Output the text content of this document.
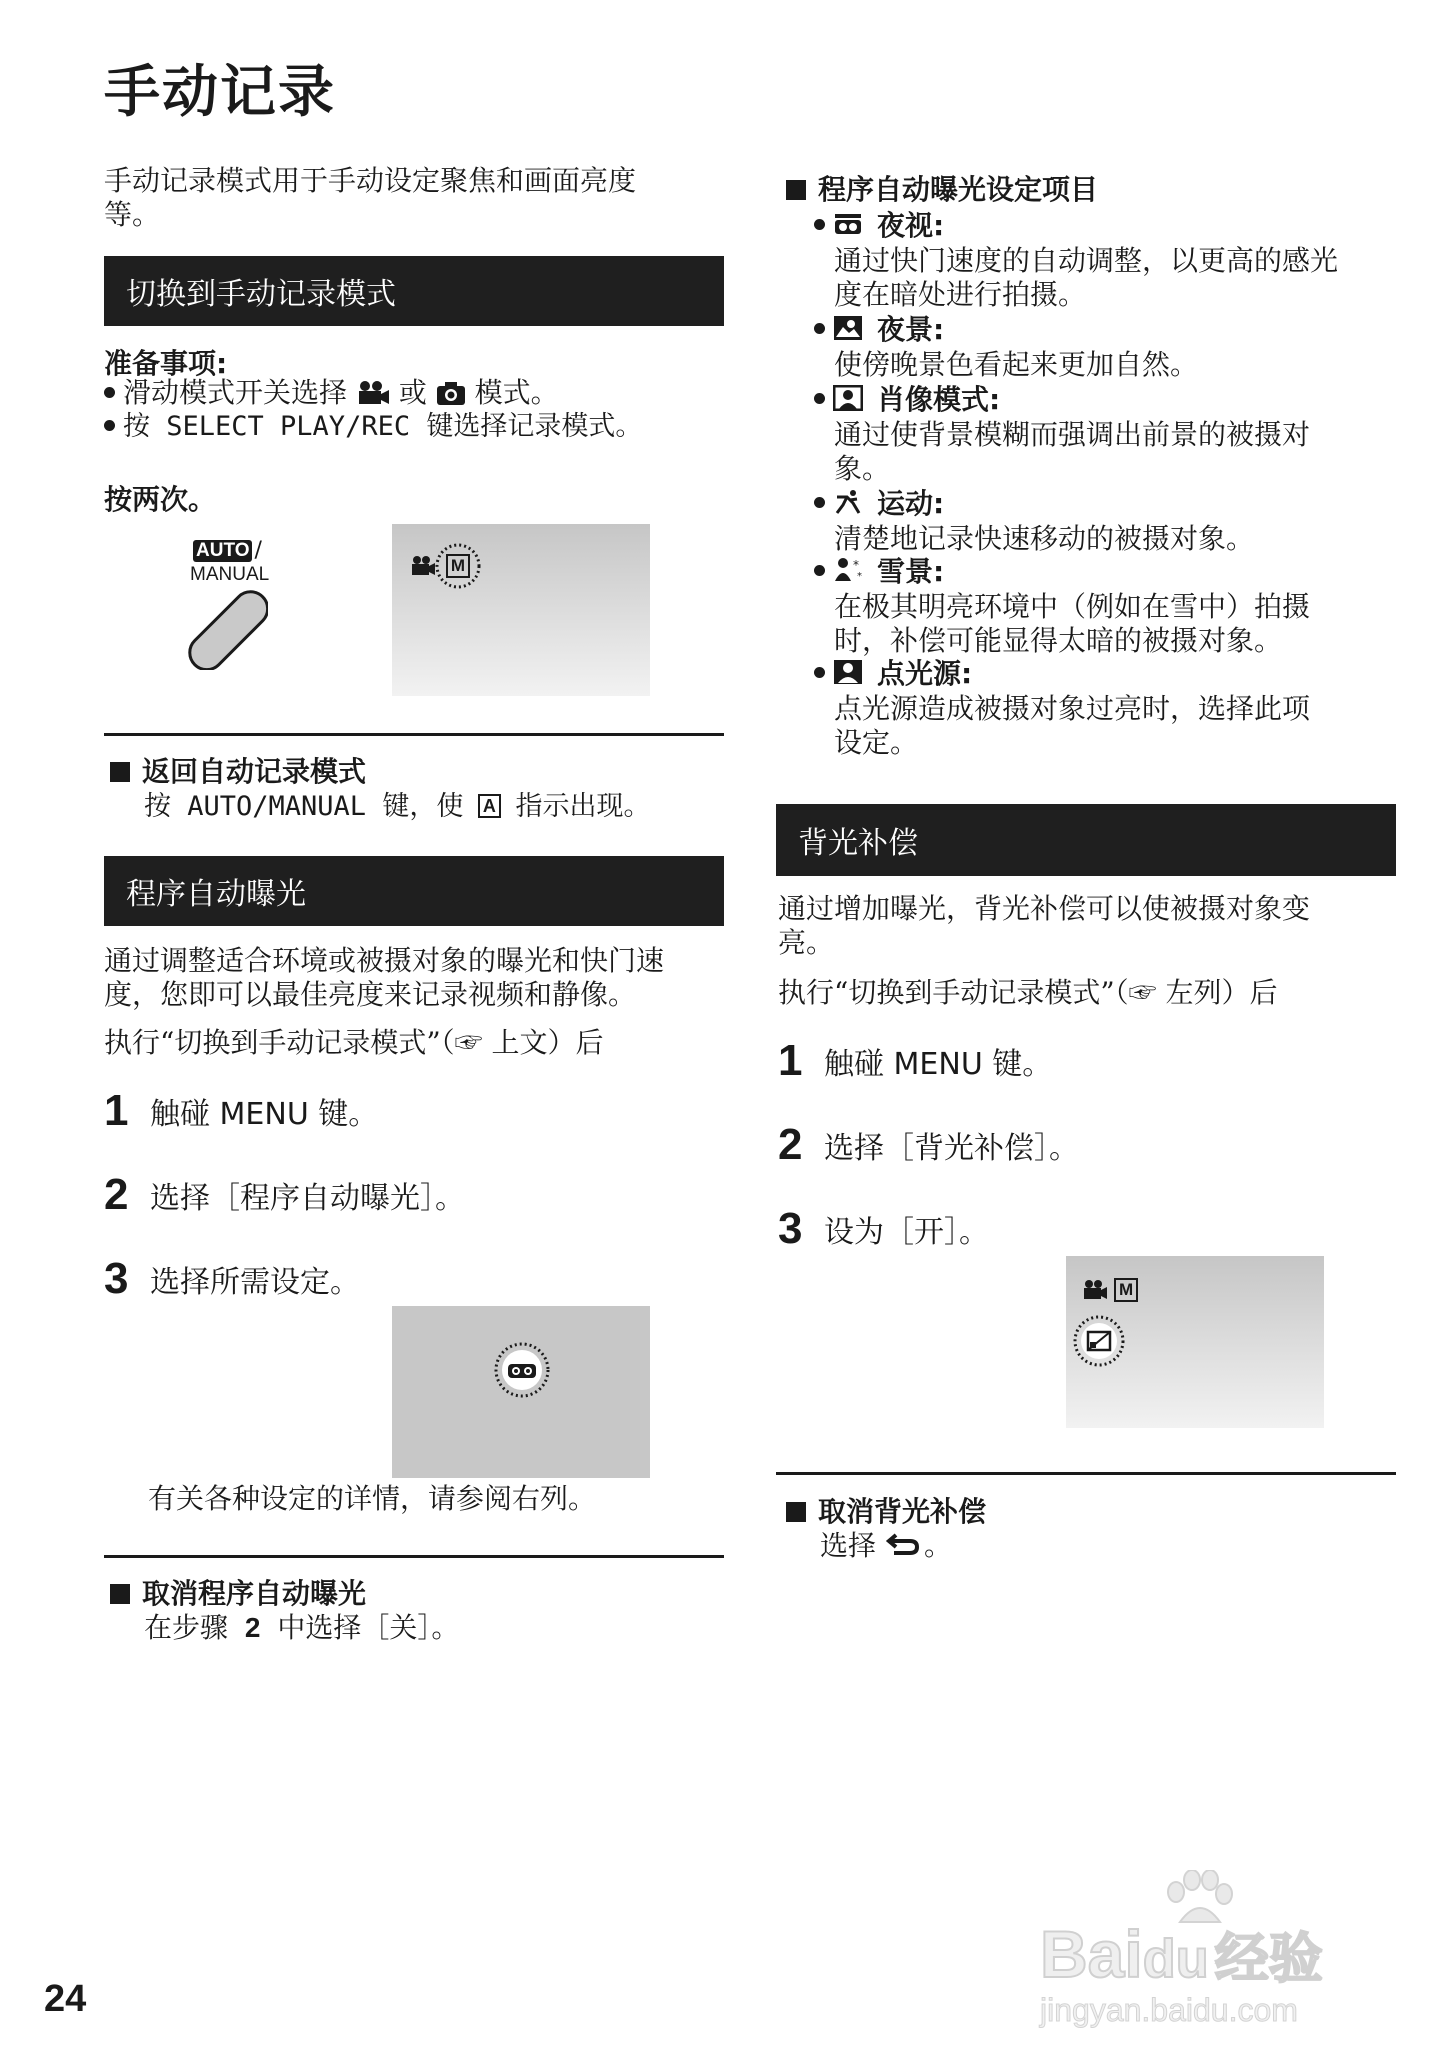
手动记录
手动记录模式用于手动设定聚焦和画面亮度
等。
切换到手动记录模式
准备事项:
滑动模式开关选择 或 模式。
按 SELECT PLAY/REC 键选择记录模式。
按两次。
AUTO /
MANUAL	M
返回自动记录模式
按 AUTO/MANUAL 键，使 A 指示出现。
程序自动曝光
通过调整适合环境或被摄对象的曝光和快门速
度，您即可以最佳亮度来记录视频和静像。
执行“切换到手动记录模式”（☞ 上文）后
1 触碰 MENU 键。
2 选择［程序自动曝光］。
3 选择所需设定。
有关各种设定的详情，请参阅右列。
取消程序自动曝光
在步骤 2 中选择［关］。
程序自动曝光设定项目
夜视:
通过快门速度的自动调整，以更高的感光
度在暗处进行拍摄。
夜景:
使傍晚景色看起来更加自然。
肖像模式:
通过使背景模糊而强调出前景的被摄对
象。
运动:
清楚地记录快速移动的被摄对象。
*
* 雪景:
在极其明亮环境中（例如在雪中）拍摄
时，补偿可能显得太暗的被摄对象。
点光源:
点光源造成被摄对象过亮时，选择此项
设定。
背光补偿
通过增加曝光，背光补偿可以使被摄对象变
亮。
执行“切换到手动记录模式”（☞ 左列）后
1 触碰 MENU 键。
2 选择［背光补偿］。
3 设为［开］。
M
取消背光补偿
选择 。
24
Baidu 经验
jingyan.baidu.com
